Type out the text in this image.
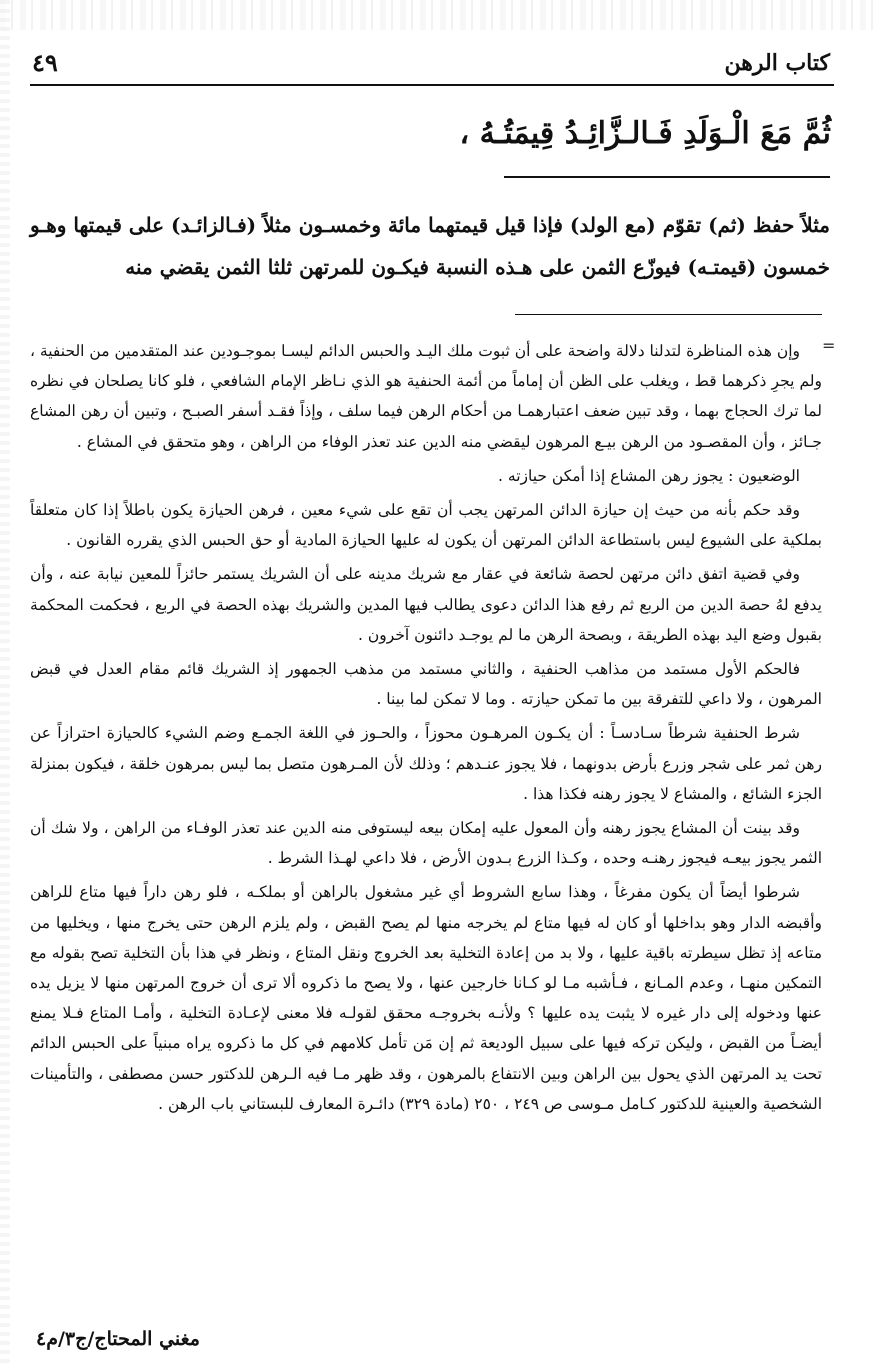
كتاب الرهن
٤٩
ثُمَّ مَعَ الْـوَلَدِ فَـالـزَّائِـدُ قِيمَتُـهُ ،
مثلاً حفظ (ثم) تقوّم (مع الولد) فإذا قيل قيمتهما مائة وخمسـون مثلاً (فـالزائـد) على قيمتها وهـو خمسون (قيمتـه) فيوزّع الثمن على هـذه النسبة فيكـون للمرتهن ثلثا الثمن يقضي منه
=

وإن هذه المناظرة لتدلنا دلالة واضحة على أن ثبوت ملك اليـد والحبس الدائم ليسـا بموجـودين عند المتقدمين من الحنفية ، ولم يجرِ ذكرهما قط ، ويغلب على الظن أن إماماً من أئمة الحنفية هو الذي نـاظر الإمام الشافعي ، فلو كانا يصلحان في نظره لما ترك الحجاج بهما ، وقد تبين ضعف اعتبارهمـا من أحكام الرهن فيما سلف ، وإذاً فقـد أسفر الصبـح ، وتبين أن رهن المشاع جـائز ، وأن المقصـود من الرهن بيـع المرهون ليقضي منه الدين عند تعذر الوفاء من الراهن ، وهو متحقق في المشاع .

الوضعيون : يجوز رهن المشاع إذا أمكن حيازته .

وقد حكم بأنه من حيث إن حيازة الدائن المرتهن يجب أن تقع على شيء معين ، فرهن الحيازة يكون باطلاً إذا كان متعلقاً بملكية على الشيوع ليس باستطاعة الدائن المرتهن أن يكون له عليها الحيازة المادية أو حق الحبس الذي يقرره القانون .

وفي قضية اتفق دائن مرتهن لحصة شائعة في عقار مع شريك مدينه على أن الشريك يستمر حائزاً للمعين نيابة عنه ، وأن يدفع لهُ حصة الدين من الربع ثم رفع هذا الدائن دعوى يطالب فيها المدين والشريك بهذه الحصة في الربع ، فحكمت المحكمة بقبول وضع اليد بهذه الطريقة ، وبصحة الرهن ما لم يوجـد دائنون آخرون .

فالحكم الأول مستمد من مذاهب الحنفية ، والثاني مستمد من مذهب الجمهور إذ الشريك قائم مقام العدل في قبض المرهون ، ولا داعي للتفرقة بين ما تمكن حيازته . وما لا تمكن لما بينا .

شرط الحنفية شرطاً سـادسـاً : أن يكـون المرهـون محوزاً ، والحـوز في اللغة الجمـع وضم الشيء كالحيازة احترازاً عن رهن ثمر على شجر وزرع بأرض بدونهما ، فلا يجوز عنـدهم ؛ وذلك لأن المـرهون متصل بما ليس بمرهون خلقة ، فيكون بمنزلة الجزء الشائع ، والمشاع لا يجوز رهنه فكذا هذا .

وقد بينت أن المشاع يجوز رهنه وأن المعول عليه إمكان بيعه ليستوفى منه الدين عند تعذر الوفـاء من الراهن ، ولا شك أن الثمر يجوز بيعـه فيجوز رهنـه وحده ، وكـذا الزرع بـدون الأرض ، فلا داعي لهـذا الشرط .

شرطوا أيضاً أن يكون مفرغاً ، وهذا سابع الشروط أي غير مشغول بالراهن أو بملكـه ، فلو رهن داراً فيها متاع للراهن وأقبضه الدار وهو بداخلها أو كان له فيها متاع لم يخرجه منها لم يصح القبض ، ولم يلزم الرهن حتى يخرج منها ، ويخليها من متاعه إذ تظل سيطرته باقية عليها ، ولا بد من إعادة التخلية بعد الخروج ونقل المتاع ، ونظر في هذا بأن التخلية تصح بقوله مع التمكين منهـا ، وعدم المـانع ، فـأشبه مـا لو كـانا خارجين عنها ، ولا يصح ما ذكروه ألا ترى أن خروج المرتهن منها لا يزيل يده عنها ودخوله إلى دار غيره لا يثبت يده عليها ؟ ولأنـه بخروجـه محقق لقولـه فلا معنى لإعـادة التخلية ، وأمـا المتاع فـلا يمنع أيضـاً من القبض ، وليكن تركه فيها على سبيل الوديعة ثم إن مَن تأمل كلامهم في كل ما ذكروه يراه مبنياً على الحبس الدائم تحت يد المرتهن الذي يحول بين الراهن وبين الانتفاع بالمرهون ، وقد ظهر مـا فيه الـرهن للدكتور حسن مصطفى ، والتأمينات الشخصية والعينية للدكتور كـامل مـوسى ص ٢٤٩ ، ٢٥٠ (مادة ٣٢٩) دائـرة المعارف للبستاني باب الرهن .

مغني المحتاج/ج٣/م٤
